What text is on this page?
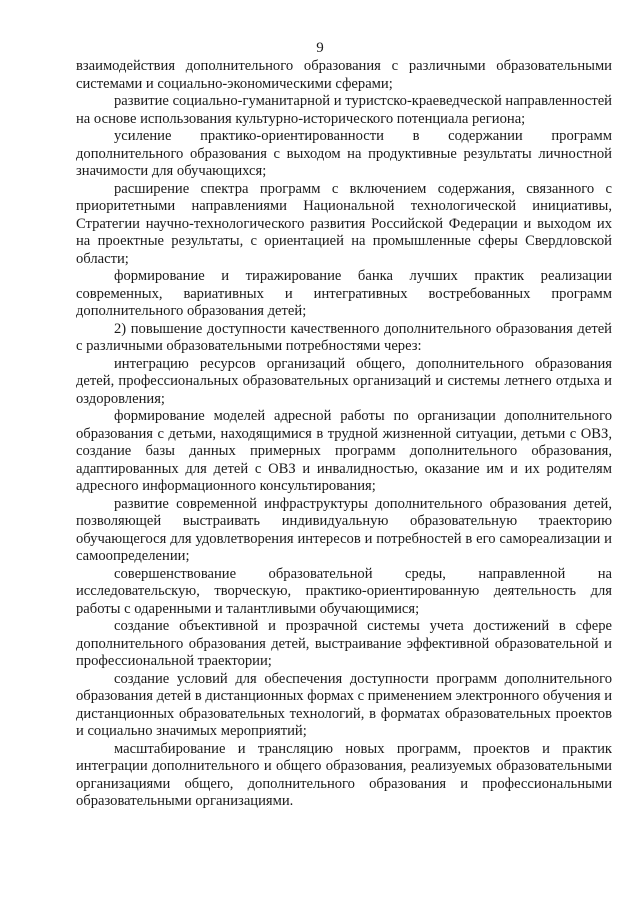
9

взаимодействия дополнительного образования с различными образовательными системами и социально-экономическими сферами;

развитие социально-гуманитарной и туристско-краеведческой направленностей на основе использования культурно-исторического потенциала региона;

усиление практико-ориентированности в содержании программ дополнительного образования с выходом на продуктивные результаты личностной значимости для обучающихся;

расширение спектра программ с включением содержания, связанного с приоритетными направлениями Национальной технологической инициативы, Стратегии научно-технологического развития Российской Федерации и выходом их на проектные результаты, с ориентацией на промышленные сферы Свердловской области;

формирование и тиражирование банка лучших практик реализации современных, вариативных и интегративных востребованных программ дополнительного образования детей;

2) повышение доступности качественного дополнительного образования детей с различными образовательными потребностями через:

интеграцию ресурсов организаций общего, дополнительного образования детей, профессиональных образовательных организаций и системы летнего отдыха и оздоровления;

формирование моделей адресной работы по организации дополнительного образования с детьми, находящимися в трудной жизненной ситуации, детьми с ОВЗ, создание базы данных примерных программ дополнительного образования, адаптированных для детей с ОВЗ и инвалидностью, оказание им и их родителям адресного информационного консультирования;

развитие современной инфраструктуры дополнительного образования детей, позволяющей выстраивать индивидуальную образовательную траекторию обучающегося для удовлетворения интересов и потребностей в его самореализации и самоопределении;

совершенствование образовательной среды, направленной на исследовательскую, творческую, практико-ориентированную деятельность для работы с одаренными и талантливыми обучающимися;

создание объективной и прозрачной системы учета достижений в сфере дополнительного образования детей, выстраивание эффективной образовательной и профессиональной траектории;

создание условий для обеспечения доступности программ дополнительного образования детей в дистанционных формах с применением электронного обучения и дистанционных образовательных технологий, в форматах образовательных проектов и социально значимых мероприятий;

масштабирование и трансляцию новых программ, проектов и практик интеграции дополнительного и общего образования, реализуемых образовательными организациями общего, дополнительного образования и профессиональными образовательными организациями.
